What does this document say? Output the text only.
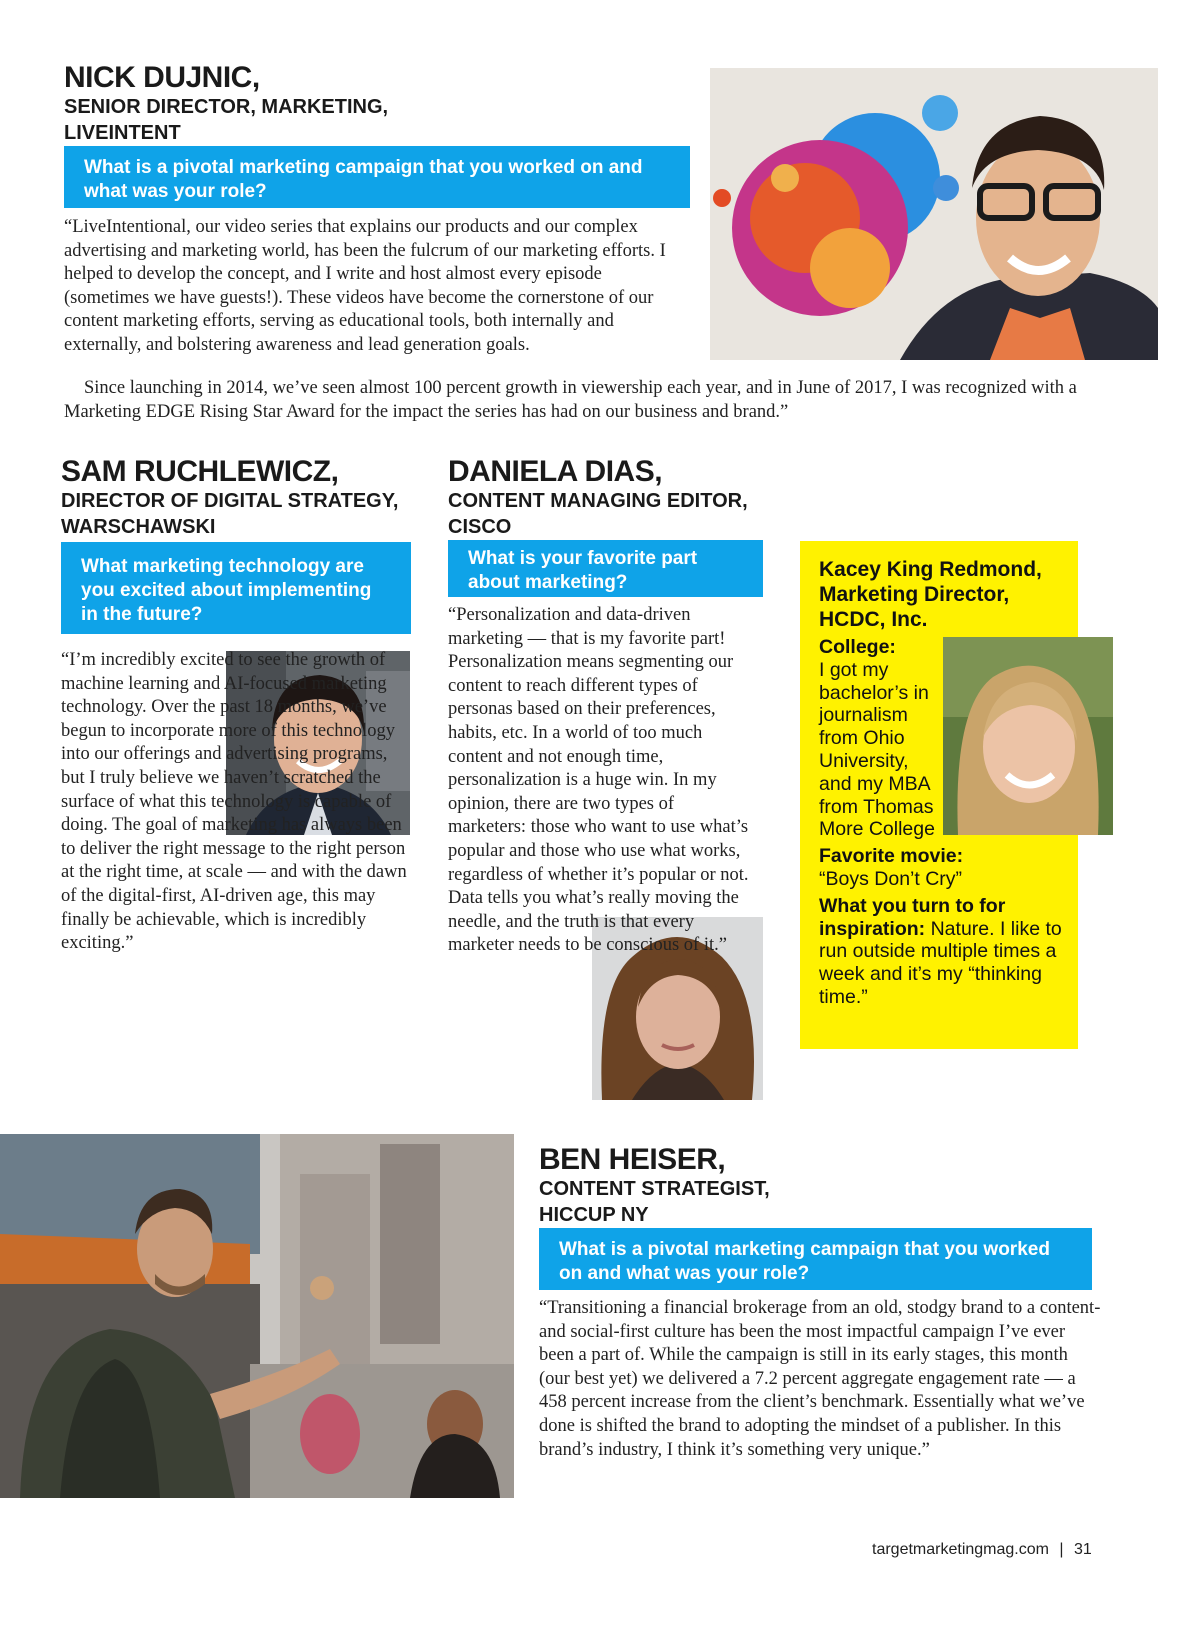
NICK DUJNIC,
SENIOR DIRECTOR, MARKETING,
LIVEINTENT
What is a pivotal marketing campaign that you worked on and what was your role?

“LiveIntentional, our video series that explains our products and our complex advertising and marketing world, has been the fulcrum of our marketing efforts. I helped to develop the concept, and I write and host almost every episode (sometimes we have guests!). These videos have become the cornerstone of our content marketing efforts, serving as educational tools, both internally and externally, and bolstering awareness and lead generation goals.

Since launching in 2014, we’ve seen almost 100 percent growth in viewership each year, and in June of 2017, I was recognized with a Marketing EDGE Rising Star Award for the impact the series has had on our business and brand.”

SAM RUCHLEWICZ,
DIRECTOR OF DIGITAL STRATEGY,
WARSCHAWSKI
What marketing technology are you excited about implementing in the future?

“I’m incredibly excited to see the growth of machine learning and AI-focused marketing technology. Over the past 18 months, we’ve begun to incorporate more of this technology into our offerings and advertising programs, but I truly believe we haven’t scratched the surface of what this technology is capable of doing. The goal of marketing has always been to deliver the right message to the right person at the right time, at scale — and with the dawn of the digital-first, AI-driven age, this may finally be achievable, which is incredibly exciting.”

DANIELA DIAS,
CONTENT MANAGING EDITOR,
CISCO
What is your favorite part about marketing?

“Personalization and data-driven marketing — that is my favorite part! Personalization means segmenting our content to reach different types of personas based on their preferences, habits, etc. In a world of too much content and not enough time, personalization is a huge win. In my opinion, there are two types of marketers: those who want to use what’s popular and those who use what works, regardless of whether it’s popular or not. Data tells you what’s really moving the needle, and the truth is that every marketer needs to be conscious of it.”

Kacey King Redmond,
Marketing Director,
HCDC, Inc.
College:
I got my bachelor’s in journalism from Ohio University, and my MBA from Thomas More College
Favorite movie:
“Boys Don’t Cry”
What you turn to for inspiration: Nature. I like to run outside multiple times a week and it’s my “thinking time.”
BEN HEISER,
CONTENT STRATEGIST,
HICCUP NY
What is a pivotal marketing campaign that you worked on and what was your role?

“Transitioning a financial brokerage from an old, stodgy brand to a content- and social-first culture has been the most impactful campaign I’ve ever been a part of. While the campaign is still in its early stages, this month (our best yet) we delivered a 7.2 percent aggregate engagement rate — a 458 percent increase from the client’s benchmark. Essentially what we’ve done is shifted the brand to adopting the mindset of a publisher. In this brand’s industry, I think it’s something very unique.”

targetmarketingmag.com | 31
